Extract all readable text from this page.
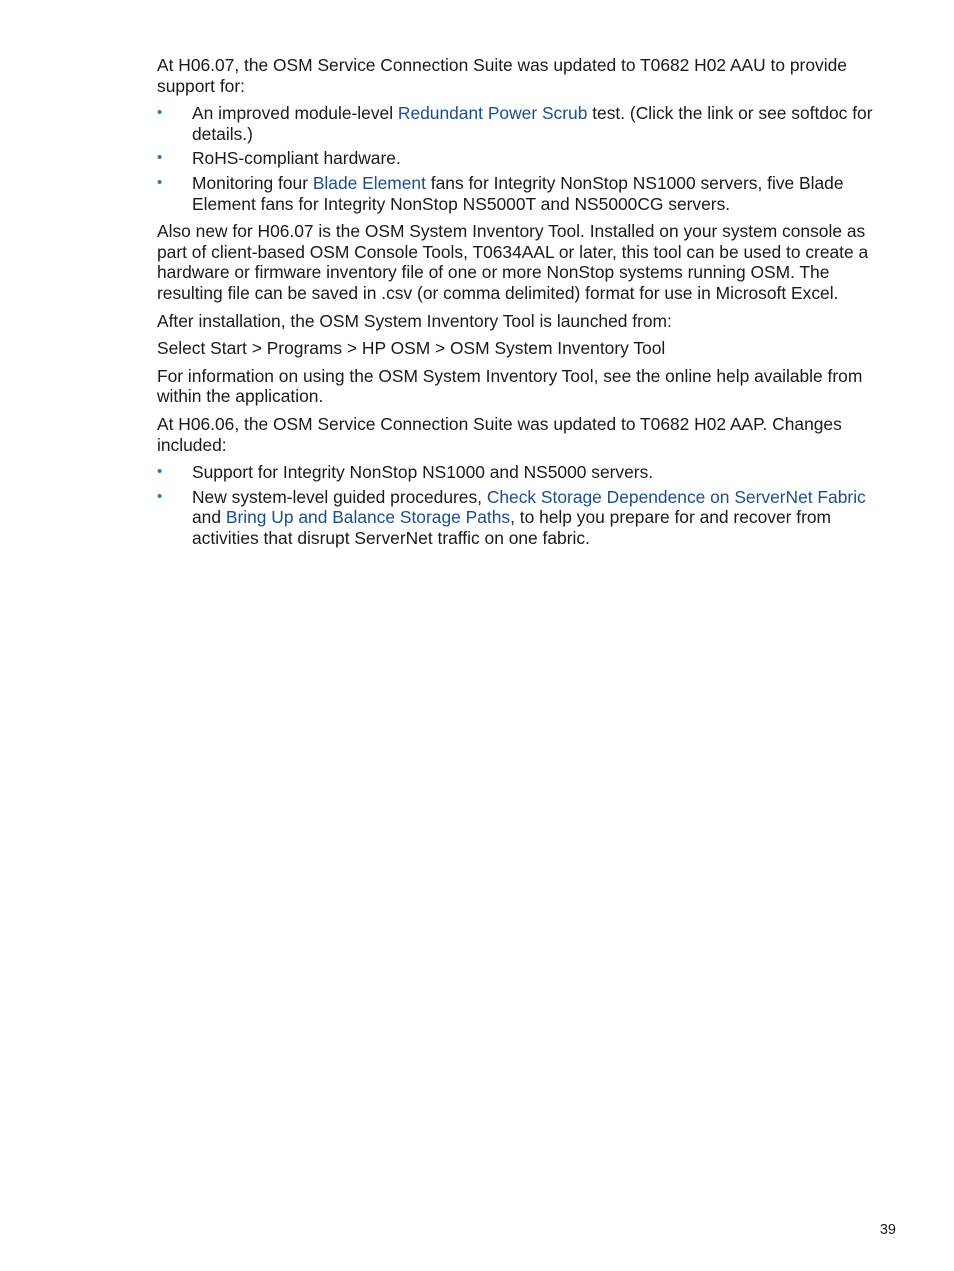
At H06.07, the OSM Service Connection Suite was updated to T0682 H02 AAU to provide support for:

• An improved module-level Redundant Power Scrub test. (Click the link or see softdoc for details.)
• RoHS-compliant hardware.
• Monitoring four Blade Element fans for Integrity NonStop NS1000 servers, five Blade Element fans for Integrity NonStop NS5000T and NS5000CG servers.

Also new for H06.07 is the OSM System Inventory Tool. Installed on your system console as part of client-based OSM Console Tools, T0634AAL or later, this tool can be used to create a hardware or firmware inventory file of one or more NonStop systems running OSM. The resulting file can be saved in .csv (or comma delimited) format for use in Microsoft Excel.

After installation, the OSM System Inventory Tool is launched from:

Select Start > Programs > HP OSM > OSM System Inventory Tool

For information on using the OSM System Inventory Tool, see the online help available from within the application.

At H06.06, the OSM Service Connection Suite was updated to T0682 H02 AAP. Changes included:

• Support for Integrity NonStop NS1000 and NS5000 servers.
• New system-level guided procedures, Check Storage Dependence on ServerNet Fabric and Bring Up and Balance Storage Paths, to help you prepare for and recover from activities that disrupt ServerNet traffic on one fabric.
39
